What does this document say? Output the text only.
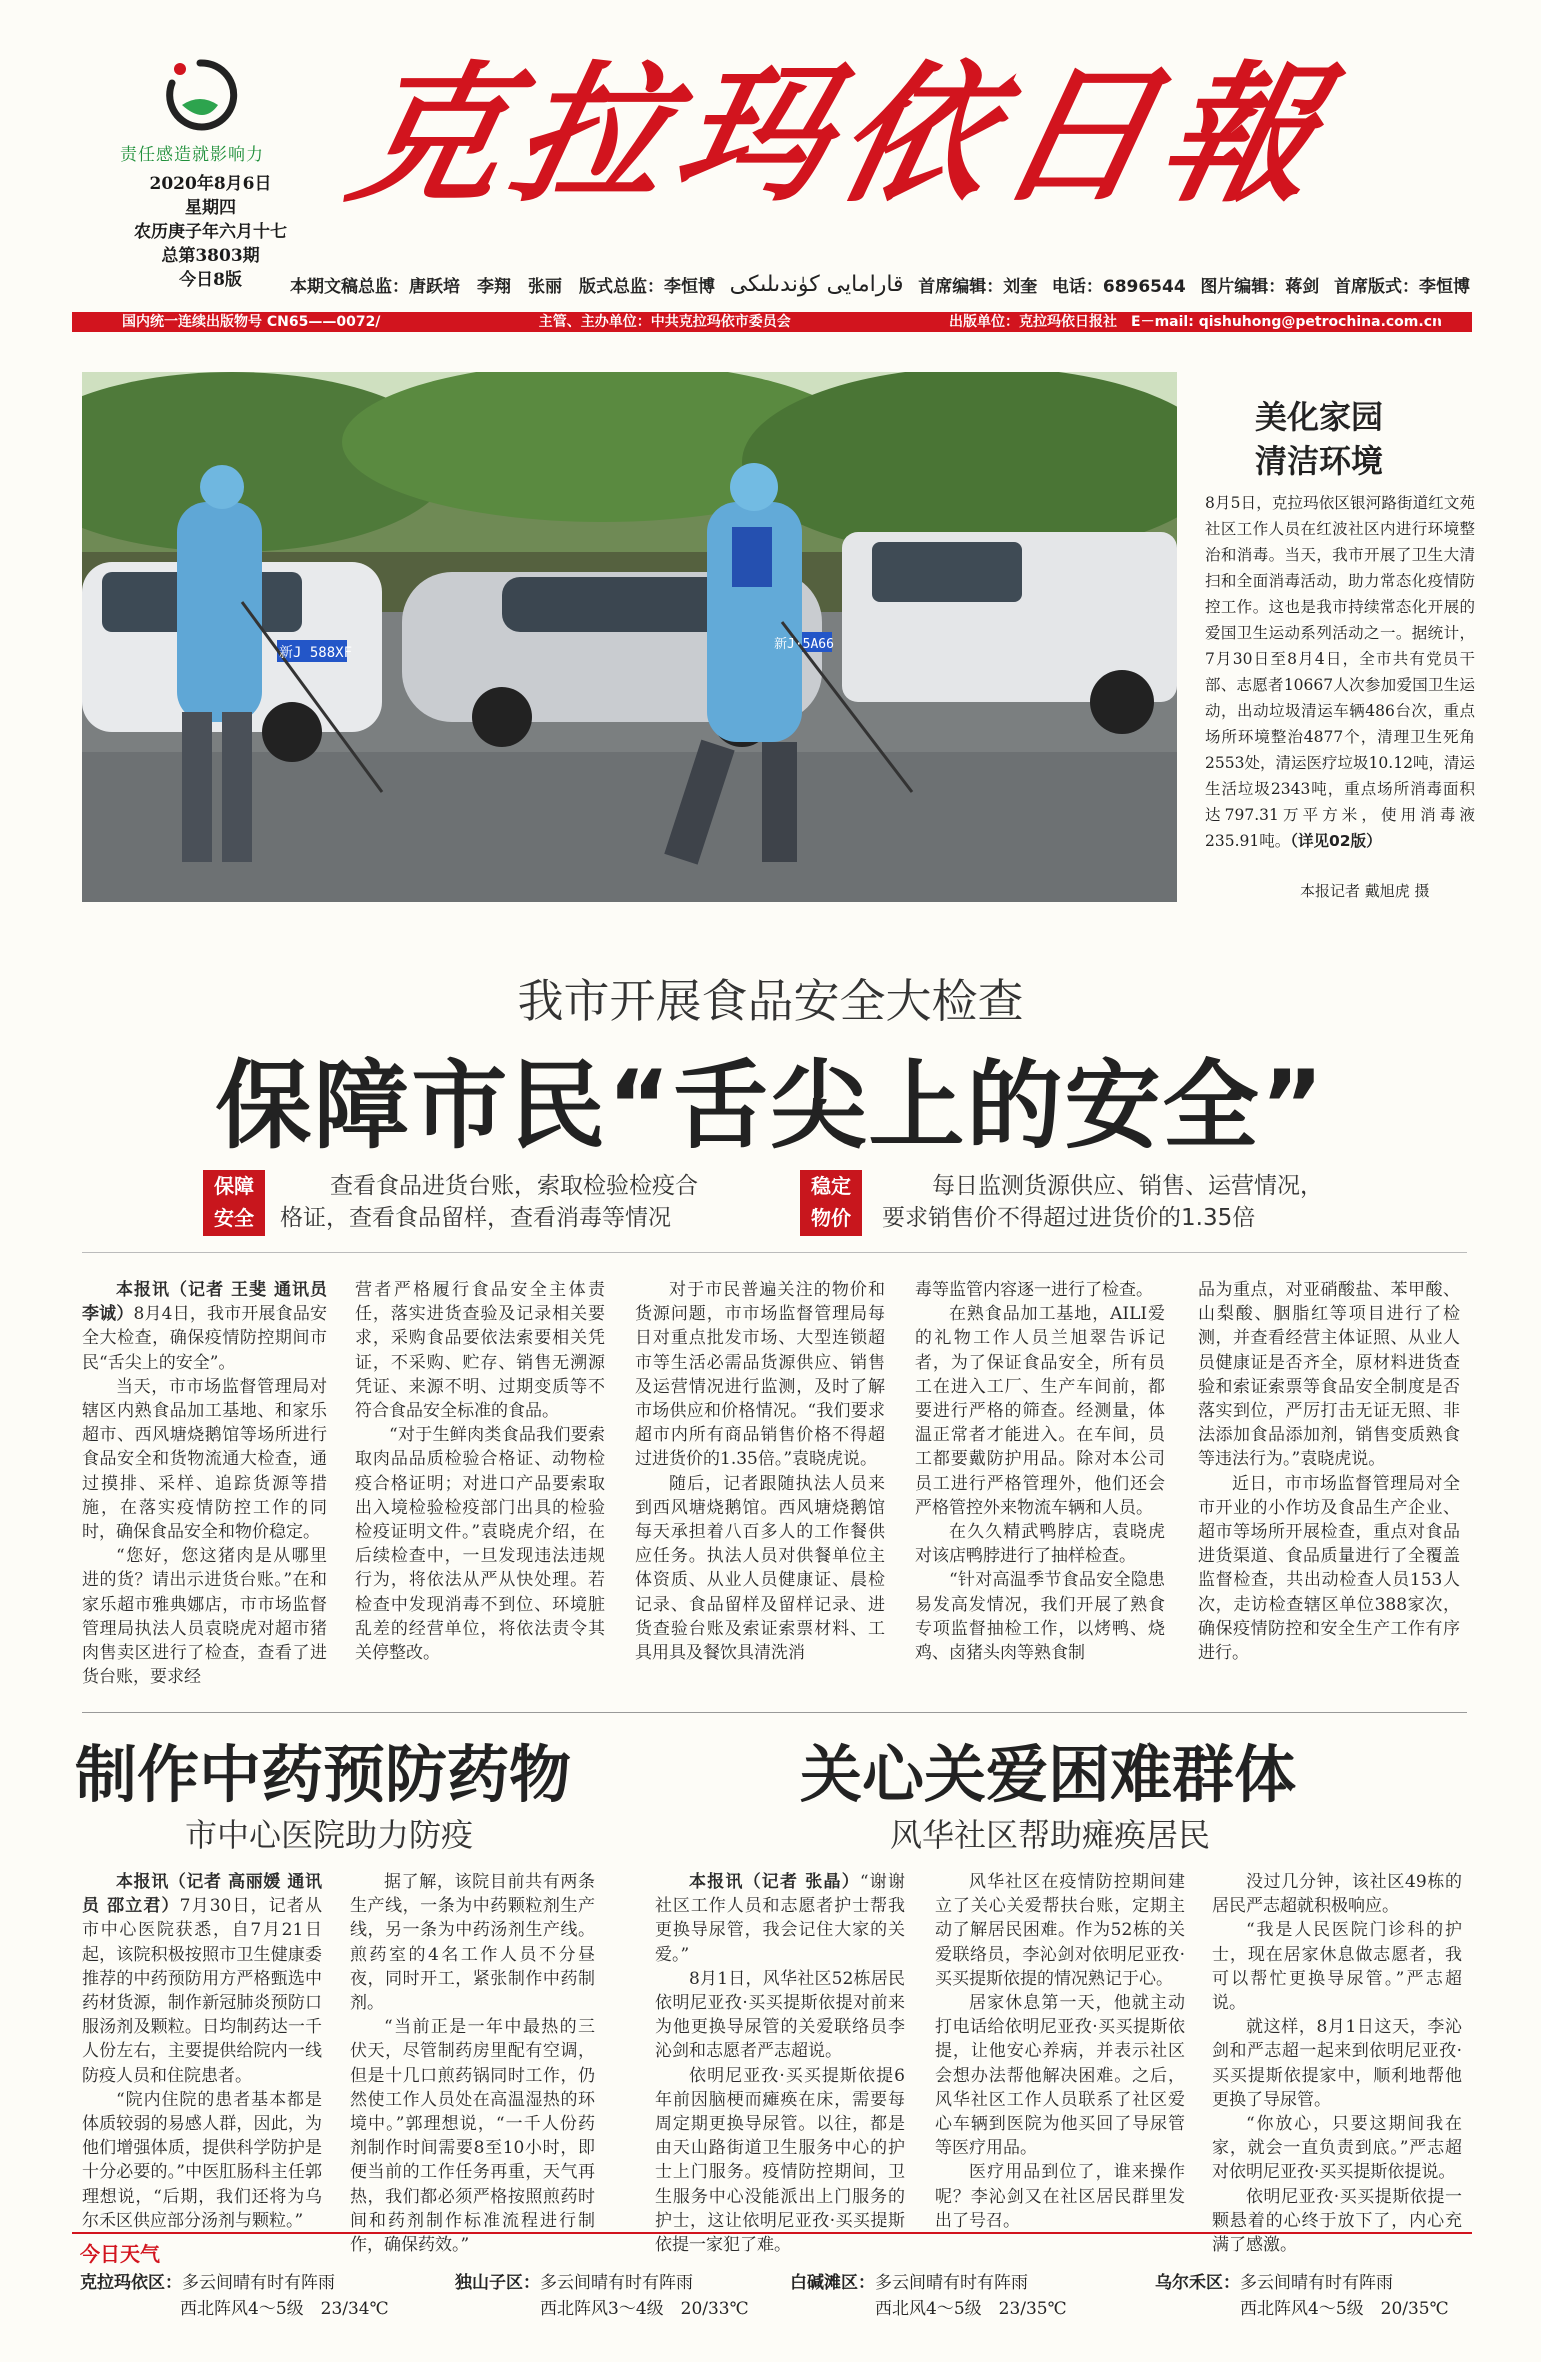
责任感造就影响力
2020年8月6日
星期四
农历庚子年六月十七
总第3803期
今日8版
克拉玛依日報
本期文稿总监：唐跃培　李翔　张丽　版式总监：李恒博 قارامايى كۈندىلىكى 首席编辑：刘奎 电话：6896544 图片编辑：蒋剑 首席版式：李恒博
国内统一连续出版物号 CN65——0072/	主管、主办单位：中共克拉玛依市委员会	出版单位：克拉玛依日报社　E－mail: qishuhong@petrochina.com.cn
01
新J 588XF
新J·5A66
美化家园
清洁环境
8月5日，克拉玛依区银河路街道红文苑社区工作人员在红波社区内进行环境整治和消毒。当天，我市开展了卫生大清扫和全面消毒活动，助力常态化疫情防控工作。这也是我市持续常态化开展的爱国卫生运动系列活动之一。据统计，7月30日至8月4日，全市共有党员干部、志愿者10667人次参加爱国卫生运动，出动垃圾清运车辆486台次，重点场所环境整治4877个，清理卫生死角2553处，清运医疗垃圾10.12吨，清运生活垃圾2343吨，重点场所消毒面积达797.31万平方米，使用消毒液235.91吨。（详见02版）
本报记者 戴旭虎 摄
我市开展食品安全大检查
保障市民“舌尖上的安全”
保障
安全
查看食品进货台账，索取检验检疫合
格证，查看食品留样，查看消毒等情况
稳定
物价
每日监测货源供应、销售、运营情况，
要求销售价不得超过进货价的1.35倍

本报讯（记者 王斐 通讯员 李诚）8月4日，我市开展食品安全大检查，确保疫情防控期间市民“舌尖上的安全”。

当天，市市场监督管理局对辖区内熟食品加工基地、和家乐超市、西风塘烧鹅馆等场所进行食品安全和货物流通大检查，通过摸排、采样、追踪货源等措施，在落实疫情防控工作的同时，确保食品安全和物价稳定。

“您好，您这猪肉是从哪里进的货？请出示进货台账。”在和家乐超市雅典娜店，市市场监督管理局执法人员袁晓虎对超市猪肉售卖区进行了检查，查看了进货台账，要求经

营者严格履行食品安全主体责任，落实进货查验及记录相关要求，采购食品要依法索要相关凭证，不采购、贮存、销售无溯源凭证、来源不明、过期变质等不符合食品安全标准的食品。

“对于生鲜肉类食品我们要索取肉品品质检验合格证、动物检疫合格证明；对进口产品要索取出入境检验检疫部门出具的检验检疫证明文件。”袁晓虎介绍，在后续检查中，一旦发现违法违规行为，将依法从严从快处理。若检查中发现消毒不到位、环境脏乱差的经营单位，将依法责令其关停整改。

对于市民普遍关注的物价和货源问题，市市场监督管理局每日对重点批发市场、大型连锁超市等生活必需品货源供应、销售及运营情况进行监测，及时了解市场供应和价格情况。“我们要求超市内所有商品销售价格不得超过进货价的1.35倍。”袁晓虎说。

随后，记者跟随执法人员来到西风塘烧鹅馆。西风塘烧鹅馆每天承担着八百多人的工作餐供应任务。执法人员对供餐单位主体资质、从业人员健康证、晨检记录、食品留样及留样记录、进货查验台账及索证索票材料、工具用具及餐饮具清洗消

毒等监管内容逐一进行了检查。

在熟食品加工基地，AILI爱的礼物工作人员兰旭翠告诉记者，为了保证食品安全，所有员工在进入工厂、生产车间前，都要进行严格的筛查。经测量，体温正常者才能进入。在车间，员工都要戴防护用品。除对本公司员工进行严格管理外，他们还会严格管控外来物流车辆和人员。

在久久精武鸭脖店，袁晓虎对该店鸭脖进行了抽样检查。

“针对高温季节食品安全隐患易发高发情况，我们开展了熟食专项监督抽检工作，以烤鸭、烧鸡、卤猪头肉等熟食制

品为重点，对亚硝酸盐、苯甲酸、山梨酸、胭脂红等项目进行了检测，并查看经营主体证照、从业人员健康证是否齐全，原材料进货查验和索证索票等食品安全制度是否落实到位，严厉打击无证无照、非法添加食品添加剂，销售变质熟食等违法行为。”袁晓虎说。

近日，市市场监督管理局对全市开业的小作坊及食品生产企业、超市等场所开展检查，重点对食品进货渠道、食品质量进行了全覆盖监督检查，共出动检查人员153人次，走访检查辖区单位388家次，确保疫情防控和安全生产工作有序进行。

制作中药预防药物
市中心医院助力防疫

本报讯（记者 高丽媛 通讯员 邵立君）7月30日，记者从市中心医院获悉，自7月21日起，该院积极按照市卫生健康委推荐的中药预防用方严格甄选中药材货源，制作新冠肺炎预防口服汤剂及颗粒。日均制药达一千人份左右，主要提供给院内一线防疫人员和住院患者。

“院内住院的患者基本都是体质较弱的易感人群，因此，为他们增强体质，提供科学防护是十分必要的。”中医肛肠科主任郭理想说，“后期，我们还将为乌尔禾区供应部分汤剂与颗粒。”

据了解，该院目前共有两条生产线，一条为中药颗粒剂生产线，另一条为中药汤剂生产线。煎药室的4名工作人员不分昼夜，同时开工，紧张制作中药制剂。

“当前正是一年中最热的三伏天，尽管制药房里配有空调，但是十几口煎药锅同时工作，仍然使工作人员处在高温湿热的环境中。”郭理想说，“一千人份药剂制作时间需要8至10小时，即便当前的工作任务再重，天气再热，我们都必须严格按照煎药时间和药剂制作标准流程进行制作，确保药效。”

关心关爱困难群体
风华社区帮助瘫痪居民

本报讯（记者 张晶）“谢谢社区工作人员和志愿者护士帮我更换导尿管，我会记住大家的关爱。”

8月1日，风华社区52栋居民依明尼亚孜·买买提斯依提对前来为他更换导尿管的关爱联络员李沁剑和志愿者严志超说。

依明尼亚孜·买买提斯依提6年前因脑梗而瘫痪在床，需要每周定期更换导尿管。以往，都是由天山路街道卫生服务中心的护士上门服务。疫情防控期间，卫生服务中心没能派出上门服务的护士，这让依明尼亚孜·买买提斯依提一家犯了难。

风华社区在疫情防控期间建立了关心关爱帮扶台账，定期主动了解居民困难。作为52栋的关爱联络员，李沁剑对依明尼亚孜·买买提斯依提的情况熟记于心。

居家休息第一天，他就主动打电话给依明尼亚孜·买买提斯依提，让他安心养病，并表示社区会想办法帮他解决困难。之后，风华社区工作人员联系了社区爱心车辆到医院为他买回了导尿管等医疗用品。

医疗用品到位了，谁来操作呢？李沁剑又在社区居民群里发出了号召。

没过几分钟，该社区49栋的居民严志超就积极响应。

“我是人民医院门诊科的护士，现在居家休息做志愿者，我可以帮忙更换导尿管。”严志超说。

就这样，8月1日这天，李沁剑和严志超一起来到依明尼亚孜·买买提斯依提家中，顺利地帮他更换了导尿管。

“你放心，只要这期间我在家，就会一直负责到底。”严志超对依明尼亚孜·买买提斯依提说。

依明尼亚孜·买买提斯依提一颗悬着的心终于放下了，内心充满了感激。

今日天气
克拉玛依区：多云间晴有时有阵雨
西北阵风4～5级　23/34℃
独山子区：多云间晴有时有阵雨
西北阵风3～4级　20/33℃
白碱滩区：多云间晴有时有阵雨
西北风4～5级　23/35℃
乌尔禾区：多云间晴有时有阵雨
西北阵风4～5级　20/35℃
